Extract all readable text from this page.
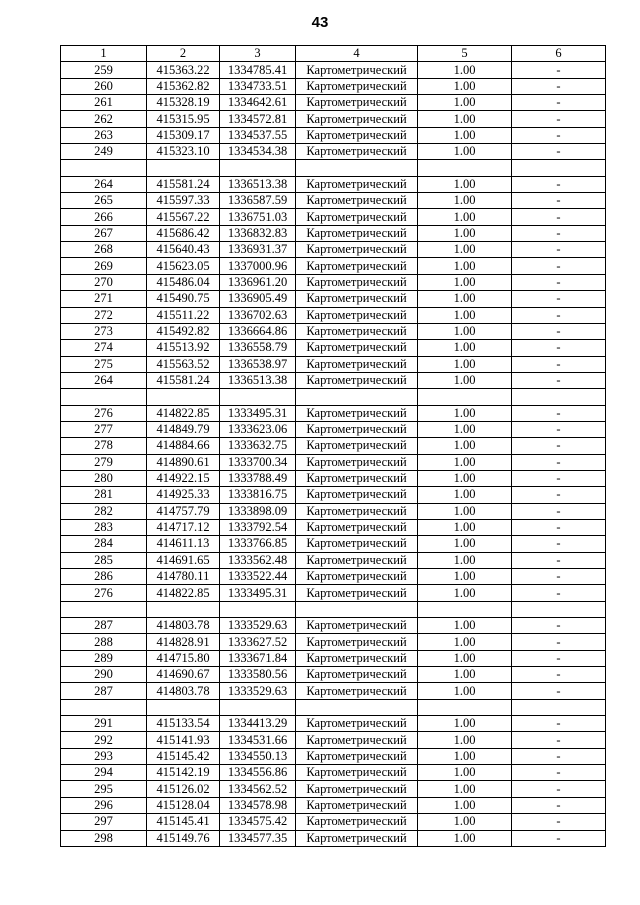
43
1	2	3	4	5	6
259	415363.22	1334785.41	Картометрический	1.00	-
260	415362.82	1334733.51	Картометрический	1.00	-
261	415328.19	1334642.61	Картометрический	1.00	-
262	415315.95	1334572.81	Картометрический	1.00	-
263	415309.17	1334537.55	Картометрический	1.00	-
249	415323.10	1334534.38	Картометрический	1.00	-

264	415581.24	1336513.38	Картометрический	1.00	-
265	415597.33	1336587.59	Картометрический	1.00	-
266	415567.22	1336751.03	Картометрический	1.00	-
267	415686.42	1336832.83	Картометрический	1.00	-
268	415640.43	1336931.37	Картометрический	1.00	-
269	415623.05	1337000.96	Картометрический	1.00	-
270	415486.04	1336961.20	Картометрический	1.00	-
271	415490.75	1336905.49	Картометрический	1.00	-
272	415511.22	1336702.63	Картометрический	1.00	-
273	415492.82	1336664.86	Картометрический	1.00	-
274	415513.92	1336558.79	Картометрический	1.00	-
275	415563.52	1336538.97	Картометрический	1.00	-
264	415581.24	1336513.38	Картометрический	1.00	-

276	414822.85	1333495.31	Картометрический	1.00	-
277	414849.79	1333623.06	Картометрический	1.00	-
278	414884.66	1333632.75	Картометрический	1.00	-
279	414890.61	1333700.34	Картометрический	1.00	-
280	414922.15	1333788.49	Картометрический	1.00	-
281	414925.33	1333816.75	Картометрический	1.00	-
282	414757.79	1333898.09	Картометрический	1.00	-
283	414717.12	1333792.54	Картометрический	1.00	-
284	414611.13	1333766.85	Картометрический	1.00	-
285	414691.65	1333562.48	Картометрический	1.00	-
286	414780.11	1333522.44	Картометрический	1.00	-
276	414822.85	1333495.31	Картометрический	1.00	-

287	414803.78	1333529.63	Картометрический	1.00	-
288	414828.91	1333627.52	Картометрический	1.00	-
289	414715.80	1333671.84	Картометрический	1.00	-
290	414690.67	1333580.56	Картометрический	1.00	-
287	414803.78	1333529.63	Картометрический	1.00	-

291	415133.54	1334413.29	Картометрический	1.00	-
292	415141.93	1334531.66	Картометрический	1.00	-
293	415145.42	1334550.13	Картометрический	1.00	-
294	415142.19	1334556.86	Картометрический	1.00	-
295	415126.02	1334562.52	Картометрический	1.00	-
296	415128.04	1334578.98	Картометрический	1.00	-
297	415145.41	1334575.42	Картометрический	1.00	-
298	415149.76	1334577.35	Картометрический	1.00	-
